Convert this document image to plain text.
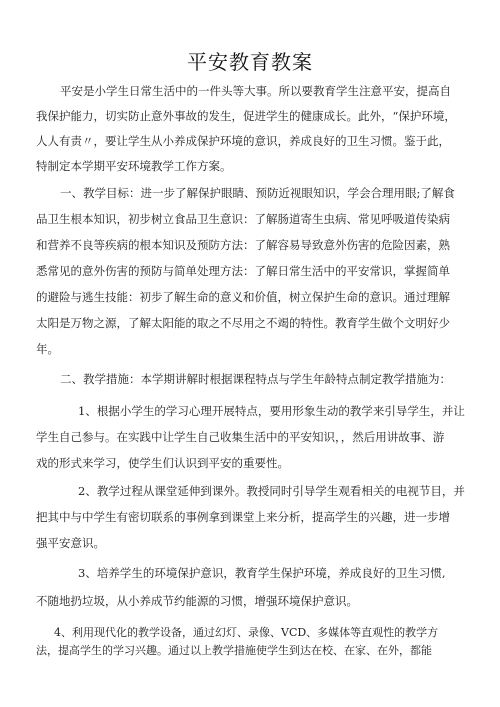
平安教育教案
平安是小学生日常生活中的一件头等大事。所以要教育学生注意平安，提高自
我保护能力，切实防止意外事故的发生，促进学生的健康成长。此外，“保护环境，
人人有责〃，要让学生从小养成保护环境的意识，养成良好的卫生习惯。鉴于此，
特制定本学期平安环境教学工作方案。
一、教学目标：进一步了解保护眼睛、预防近视眼知识，学会合理用眼;了解食
品卫生根本知识，初步树立食品卫生意识：了解肠道寄生虫病、常见呼吸道传染病
和营养不良等疾病的根本知识及预防方法：了解容易导致意外伤害的危险因素，熟
悉常见的意外伤害的预防与简单处理方法：了解日常生活中的平安常识，掌握简单
的避险与逃生技能：初步了解生命的意义和价值，树立保护生命的意识。通过理解
太阳是万物之源，了解太阳能的取之不尽用之不竭的特性。教育学生做个文明好少
年。
二、教学措施：本学期讲解时根据课程特点与学生年龄特点制定教学措施为：
1、根据小学生的学习心理开展特点，要用形象生动的教学来引导学生，并让
学生自己参与。在实践中让学生自己收集生活中的平安知识，，然后用讲故事、游
戏的形式来学习，使学生们认识到平安的重要性。
2、教学过程从课堂延伸到课外。教授同时引导学生观看相关的电视节目，并
把其中与中学生有密切联系的事例拿到课堂上来分析，提高学生的兴趣，进一步增
强平安意识。
3、培养学生的环境保护意识，教育学生保护环境，养成良好的卫生习惯,
不随地扔垃圾，从小养成节约能源的习惯，增强环境保护意识。
4、利用现代化的教学设备，通过幻灯、录像、VCD、多媒体等直观性的教学方
法，提高学生的学习兴趣。通过以上教学措施使学生到达在校、在家、在外，都能
